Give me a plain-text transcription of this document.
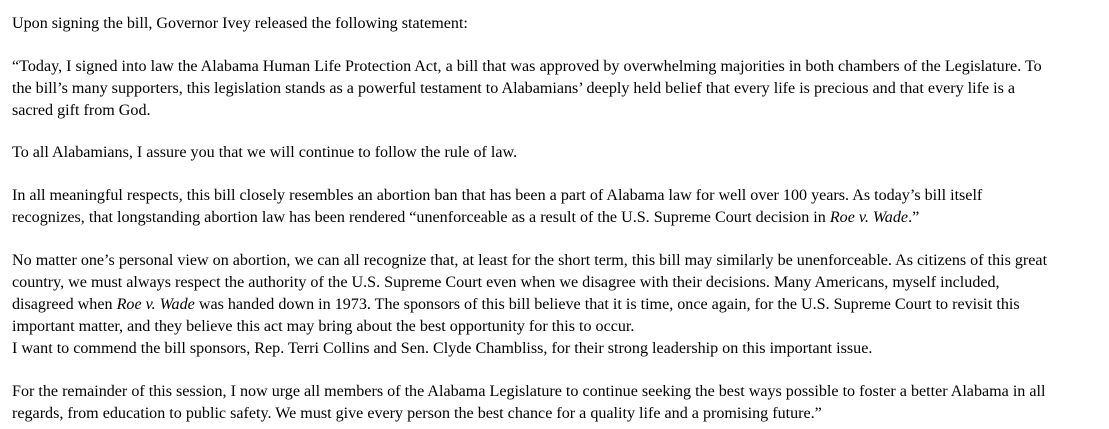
Upon signing the bill, Governor Ivey released the following statement:

“Today, I signed into law the Alabama Human Life Protection Act, a bill that was approved by overwhelming majorities in both chambers of the Legislature. To
the bill’s many supporters, this legislation stands as a powerful testament to Alabamians’ deeply held belief that every life is precious and that every life is a
sacred gift from God.

To all Alabamians, I assure you that we will continue to follow the rule of law.

In all meaningful respects, this bill closely resembles an abortion ban that has been a part of Alabama law for well over 100 years. As today’s bill itself
recognizes, that longstanding abortion law has been rendered “unenforceable as a result of the U.S. Supreme Court decision in Roe v. Wade.”

No matter one’s personal view on abortion, we can all recognize that, at least for the short term, this bill may similarly be unenforceable. As citizens of this great
country, we must always respect the authority of the U.S. Supreme Court even when we disagree with their decisions. Many Americans, myself included,
disagreed when Roe v. Wade was handed down in 1973. The sponsors of this bill believe that it is time, once again, for the U.S. Supreme Court to revisit this
important matter, and they believe this act may bring about the best opportunity for this to occur.

I want to commend the bill sponsors, Rep. Terri Collins and Sen. Clyde Chambliss, for their strong leadership on this important issue.

For the remainder of this session, I now urge all members of the Alabama Legislature to continue seeking the best ways possible to foster a better Alabama in all
regards, from education to public safety. We must give every person the best chance for a quality life and a promising future.”
